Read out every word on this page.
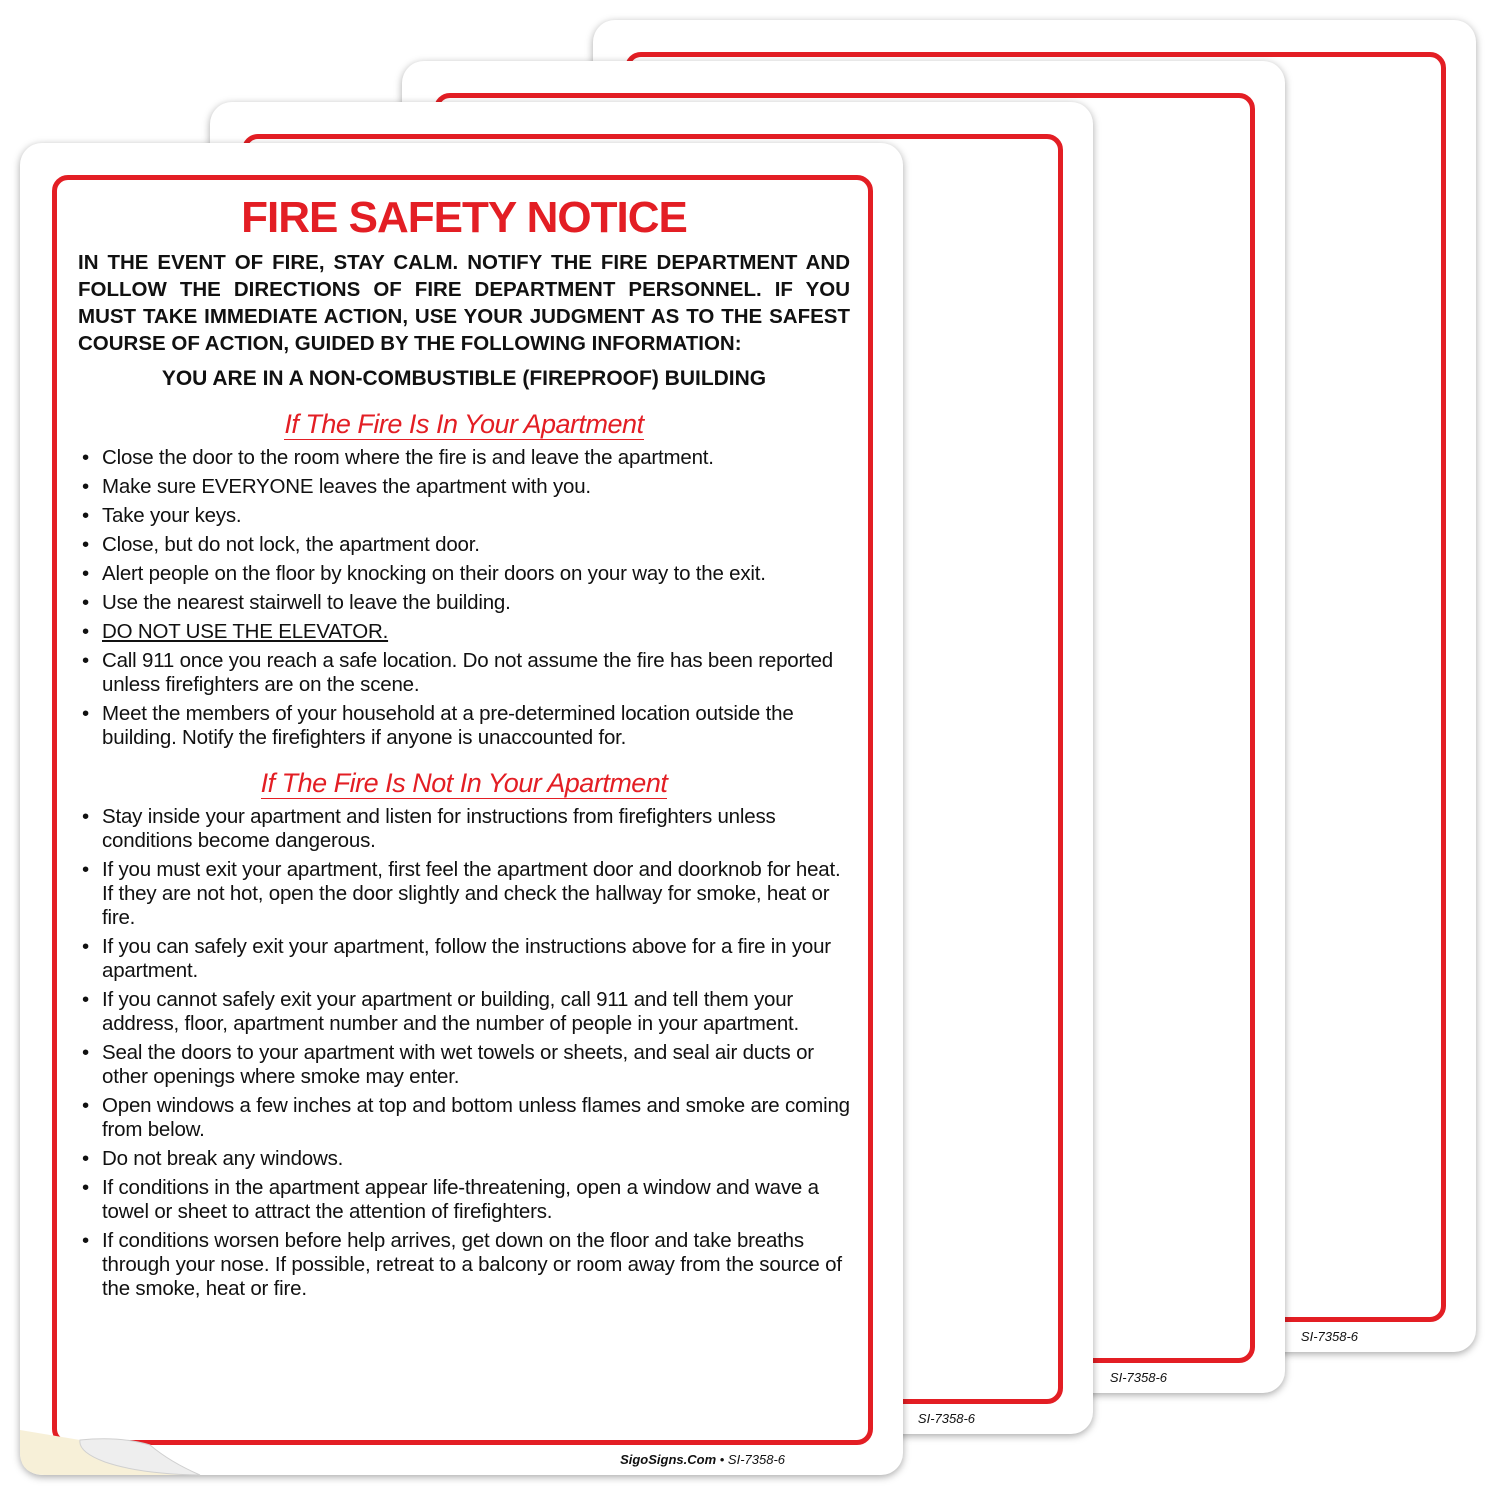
SI-7358-6
SI-7358-6
SI-7358-6
FIRE SAFETY NOTICE
IN THE EVENT OF FIRE, STAY CALM. NOTIFY THE FIRE DEPARTMENT AND FOLLOW THE DIRECTIONS OF FIRE DEPARTMENT PERSONNEL. IF YOU MUST TAKE IMMEDIATE ACTION, USE YOUR JUDGMENT AS TO THE SAFEST COURSE OF ACTION, GUIDED BY THE FOLLOWING INFORMATION:
YOU ARE IN A NON-COMBUSTIBLE (FIREPROOF) BUILDING
If The Fire Is In Your Apartment
• Close the door to the room where the fire is and leave the apartment.
• Make sure EVERYONE leaves the apartment with you.
• Take your keys.
• Close, but do not lock, the apartment door.
• Alert people on the floor by knocking on their doors on your way to the exit.
• Use the nearest stairwell to leave the building.
• DO NOT USE THE ELEVATOR.
• Call 911 once you reach a safe location. Do not assume the fire has been reported unless firefighters are on the scene.
• Meet the members of your household at a pre-determined location outside the building. Notify the firefighters if anyone is unaccounted for.
If The Fire Is Not In Your Apartment
• Stay inside your apartment and listen for instructions from firefighters unless conditions become dangerous.
• If you must exit your apartment, first feel the apartment door and doorknob for heat. If they are not hot, open the door slightly and check the hallway for smoke, heat or fire.
• If you can safely exit your apartment, follow the instructions above for a fire in your apartment.
• If you cannot safely exit your apartment or building, call 911 and tell them your address, floor, apartment number and the number of people in your apartment.
• Seal the doors to your apartment with wet towels or sheets, and seal air ducts or other openings where smoke may enter.
• Open windows a few inches at top and bottom unless flames and smoke are coming from below.
• Do not break any windows.
• If conditions in the apartment appear life-threatening, open a window and wave a towel or sheet to attract the attention of firefighters.
• If conditions worsen before help arrives, get down on the floor and take breaths through your nose. If possible, retreat to a balcony or room away from the source of the smoke, heat or fire.
SigoSigns.Com • SI-7358-6
